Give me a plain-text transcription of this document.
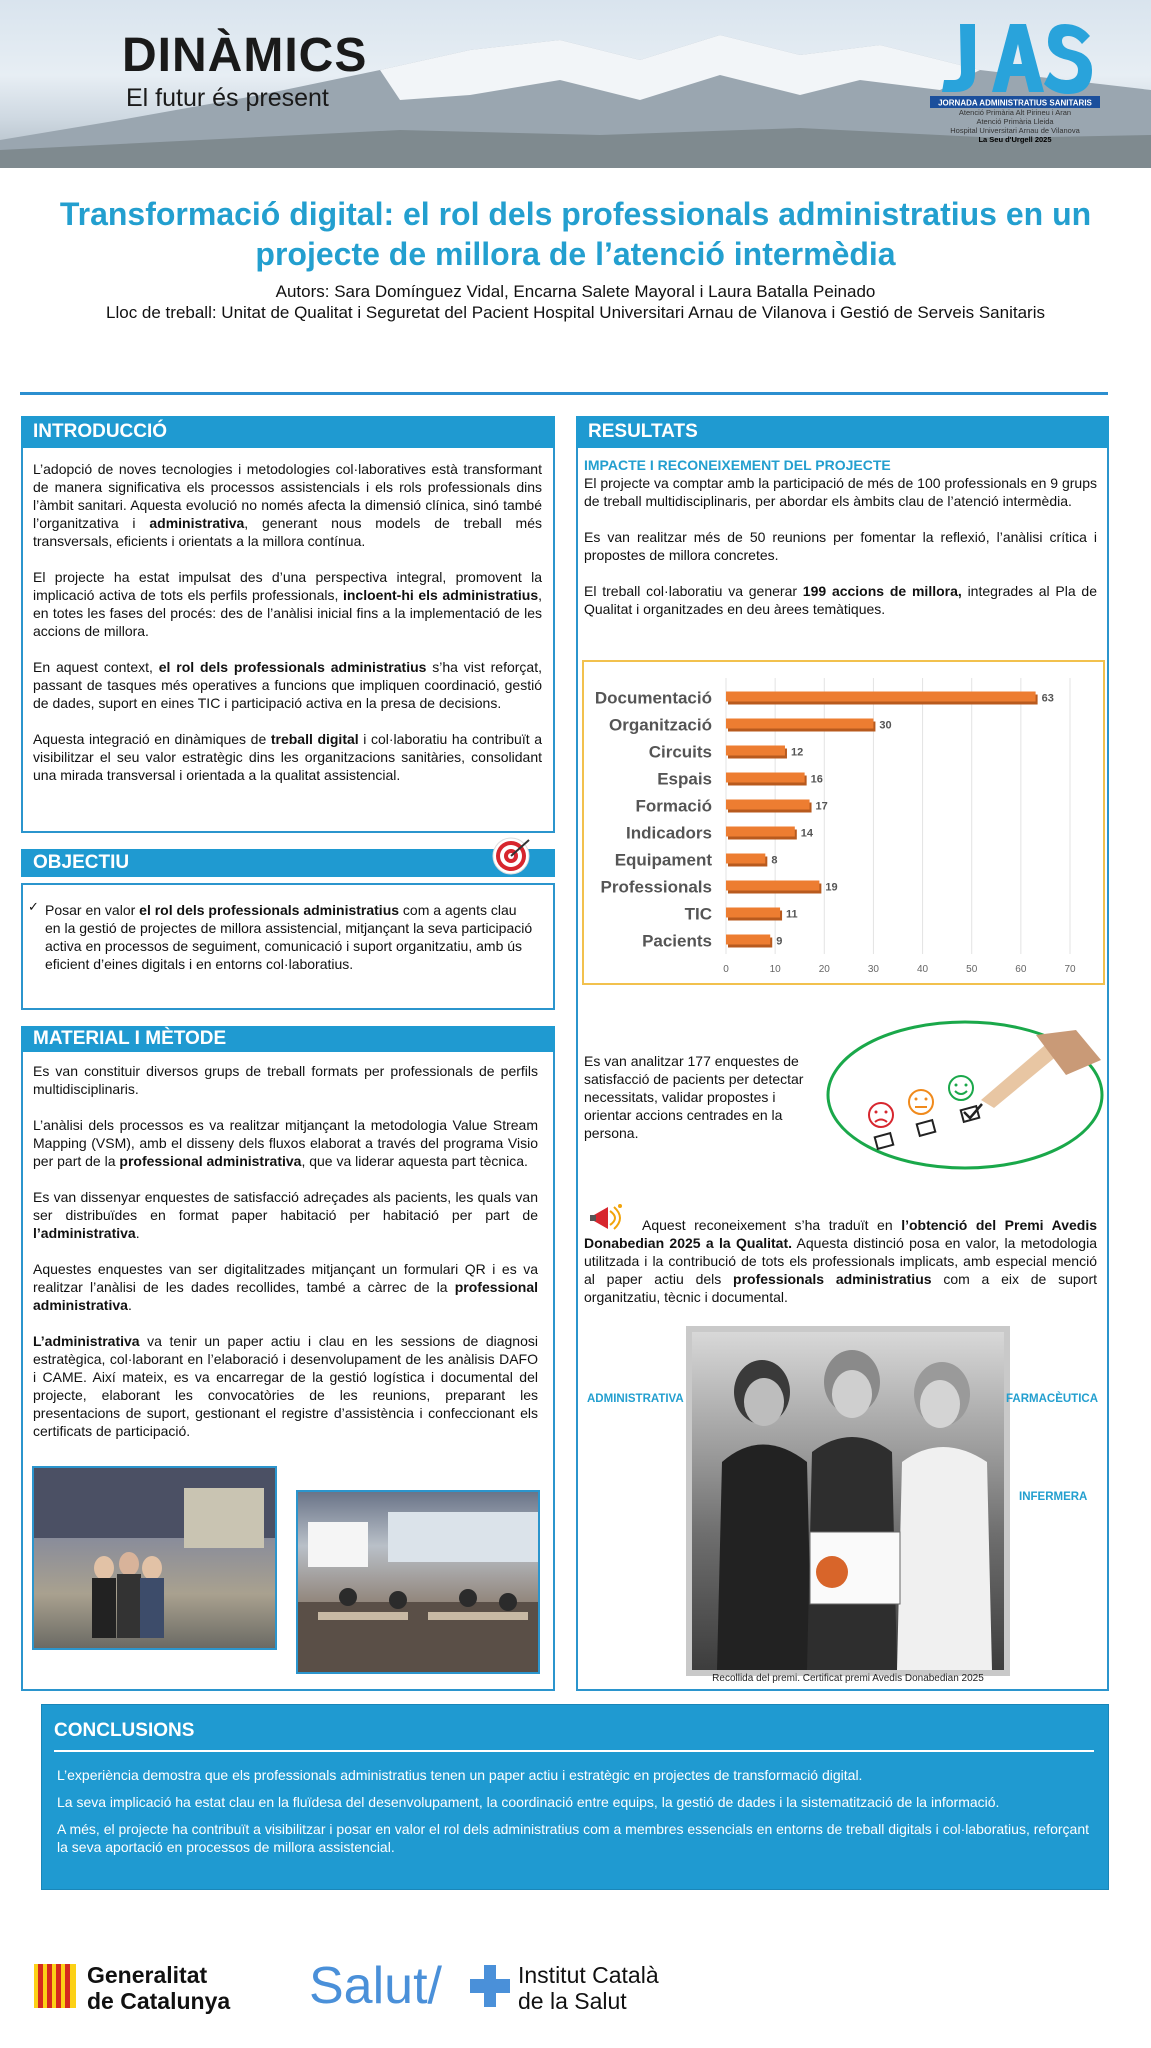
DINÀMICS
El futur és present	JORNADA ADMINISTRATIUS SANITARIS
Atenció Primària Alt Pirineu i Aran
Atenció Primària Lleida
Hospital Universitari Arnau de Vilanova
La Seu d'Urgell 2025
Transformació digital: el rol dels professionals administratius en un projecte de millora de l’atenció intermèdia
Autors: Sara Domínguez Vidal, Encarna Salete Mayoral i Laura Batalla Peinado
Lloc de treball: Unitat de Qualitat i Seguretat del Pacient Hospital Universitari Arnau de Vilanova i Gestió de Serveis Sanitaris
INTRODUCCIÓ

L’adopció de noves tecnologies i metodologies col·laboratives està transformant de manera significativa els processos assistencials i els rols professionals dins l’àmbit sanitari. Aquesta evolució no només afecta la dimensió clínica, sinó també l’organitzativa i administrativa, generant nous models de treball més transversals, eficients i orientats a la millora contínua.

El projecte ha estat impulsat des d’una perspectiva integral, promovent la implicació activa de tots els perfils professionals, incloent-hi els administratius, en totes les fases del procés: des de l’anàlisi inicial fins a la implementació de les accions de millora.

En aquest context, el rol dels professionals administratius s’ha vist reforçat, passant de tasques més operatives a funcions que impliquen coordinació, gestió de dades, suport en eines TIC i participació activa en la presa de decisions.

Aquesta integració en dinàmiques de treball digital i col·laboratiu ha contribuït a visibilitzar el seu valor estratègic dins les organitzacions sanitàries, consolidant una mirada transversal i orientada a la qualitat assistencial.

OBJECTIU
✓ Posar en valor el rol dels professionals administratius com a agents clau en la gestió de projectes de millora assistencial, mitjançant la seva participació activa en processos de seguiment, comunicació i suport organitzatiu, amb ús eficient d’eines digitals i en entorns col·laboratius.
MATERIAL I MÈTODE

Es van constituir diversos grups de treball formats per professionals de perfils multidisciplinaris.

L’anàlisi dels processos es va realitzar mitjançant la metodologia Value Stream Mapping (VSM), amb el disseny dels fluxos elaborat a través del programa Visio per part de la professional administrativa, que va liderar aquesta part tècnica.

Es van dissenyar enquestes de satisfacció adreçades als pacients, les quals van ser distribuïdes en format paper habitació per habitació per part de l’administrativa.

Aquestes enquestes van ser digitalitzades mitjançant un formulari QR i es va realitzar l’anàlisi de les dades recollides, també a càrrec de la professional administrativa.

L’administrativa va tenir un paper actiu i clau en les sessions de diagnosi estratègica, col·laborant en l’elaboració i desenvolupament de les anàlisis DAFO i CAME. Així mateix, es va encarregar de la gestió logística i documental del projecte, elaborant les convocatòries de les reunions, preparant les presentacions de suport, gestionant el registre d’assistència i confeccionant els certificats de participació.

RESULTATS
IMPACTE I RECONEIXEMENT DEL PROJECTE

El projecte va comptar amb la participació de més de 100 professionals en 9 grups de treball multidisciplinaris, per abordar els àmbits clau de l’atenció intermèdia.

Es van realitzar més de 50 reunions per fomentar la reflexió, l’anàlisi crítica i propostes de millora concretes.

El treball col·laboratiu va generar 199 accions de millora, integrades al Pla de Qualitat i organitzades en deu àrees temàtiques.

0	10	20	30	40	50	60	70
Documentació	63
Organització	30
Circuits	12
Espais	16
Formació	17
Indicadors	14
Equipament	8
Professionals	19
TIC	11
Pacients	9
Es van analitzar 177 enquestes de satisfacció de pacients per detectar necessitats, validar propostes i orientar accions centrades en la persona.
Aquest reconeixement s’ha traduït en l’obtenció del Premi Avedis Donabedian 2025 a la Qualitat. Aquesta distinció posa en valor, la metodologia utilitzada i la contribució de tots els professionals implicats, amb especial menció al paper actiu dels professionals administratius com a eix de suport organitzatiu, tècnic i documental.
Recollida del premi. Certificat premi Avedis Donabedian 2025
ADMINISTRATIVA	FARMACÈUTICA
INFERMERA
CONCLUSIONS

L’experiència demostra que els professionals administratius tenen un paper actiu i estratègic en projectes de transformació digital.

La seva implicació ha estat clau en la fluïdesa del desenvolupament, la coordinació entre equips, la gestió de dades i la sistematització de la informació.

A més, el projecte ha contribuït a visibilitzar i posar en valor el rol dels administratius com a membres essencials en entorns de treball digitals i col·laboratius, reforçant la seva aportació en processos de millora assistencial.

Generalitat
de Catalunya Salut/	Institut Català
de la Salut
